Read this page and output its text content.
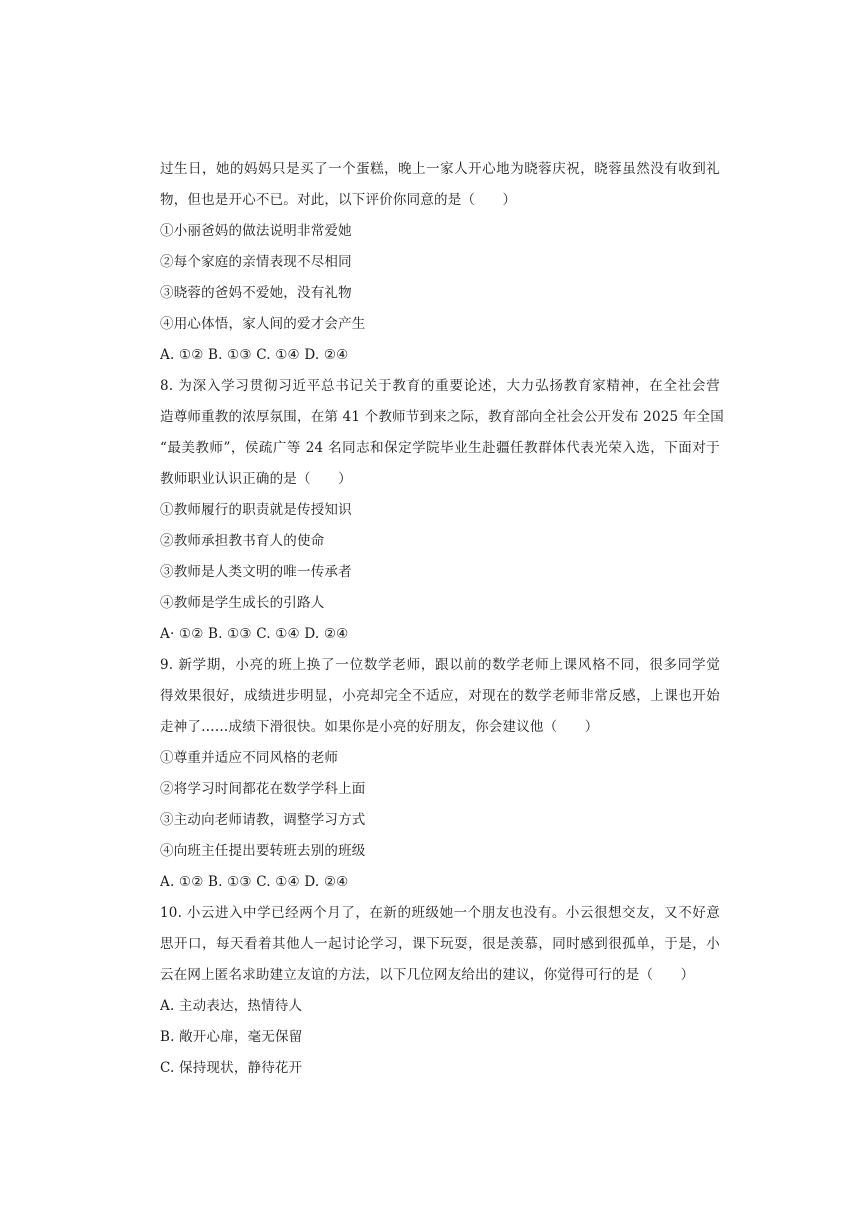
过生日，她的妈妈只是买了一个蛋糕，晚上一家人开心地为晓蓉庆祝，晓蓉虽然没有收到礼
物，但也是开心不已。对此，以下评价你同意的是（　　）
①小丽爸妈的做法说明非常爱她
②每个家庭的亲情表现不尽相同
③晓蓉的爸妈不爱她，没有礼物
④用心体悟，家人间的爱才会产生
A. ①② B. ①③ C. ①④ D. ②④
8. 为深入学习贯彻习近平总书记关于教育的重要论述，大力弘扬教育家精神，在全社会营
造尊师重教的浓厚氛围，在第 41 个教师节到来之际，教育部向全社会公开发布 2025 年全国
“最美教师”，侯疏广等 24 名同志和保定学院毕业生赴疆任教群体代表光荣入选，下面对于
教师职业认识正确的是（　　）
①教师履行的职责就是传授知识
②教师承担教书育人的使命
③教师是人类文明的唯一传承者
④教师是学生成长的引路人
A· ①② B. ①③ C. ①④ D. ②④
9. 新学期，小亮的班上换了一位数学老师，跟以前的数学老师上课风格不同，很多同学觉
得效果很好，成绩进步明显，小亮却完全不适应，对现在的数学老师非常反感，上课也开始
走神了……成绩下滑很快。如果你是小亮的好朋友，你会建议他（　　）
①尊重并适应不同风格的老师
②将学习时间都花在数学学科上面
③主动向老师请教，调整学习方式
④向班主任提出要转班去别的班级
A. ①② B. ①③ C. ①④ D. ②④
10. 小云进入中学已经两个月了，在新的班级她一个朋友也没有。小云很想交友，又不好意
思开口，每天看着其他人一起讨论学习，课下玩耍，很是羡慕，同时感到很孤单，于是，小
云在网上匿名求助建立友谊的方法，以下几位网友给出的建议，你觉得可行的是（　　）
A. 主动表达，热情待人
B. 敞开心扉，毫无保留
C. 保持现状，静待花开
